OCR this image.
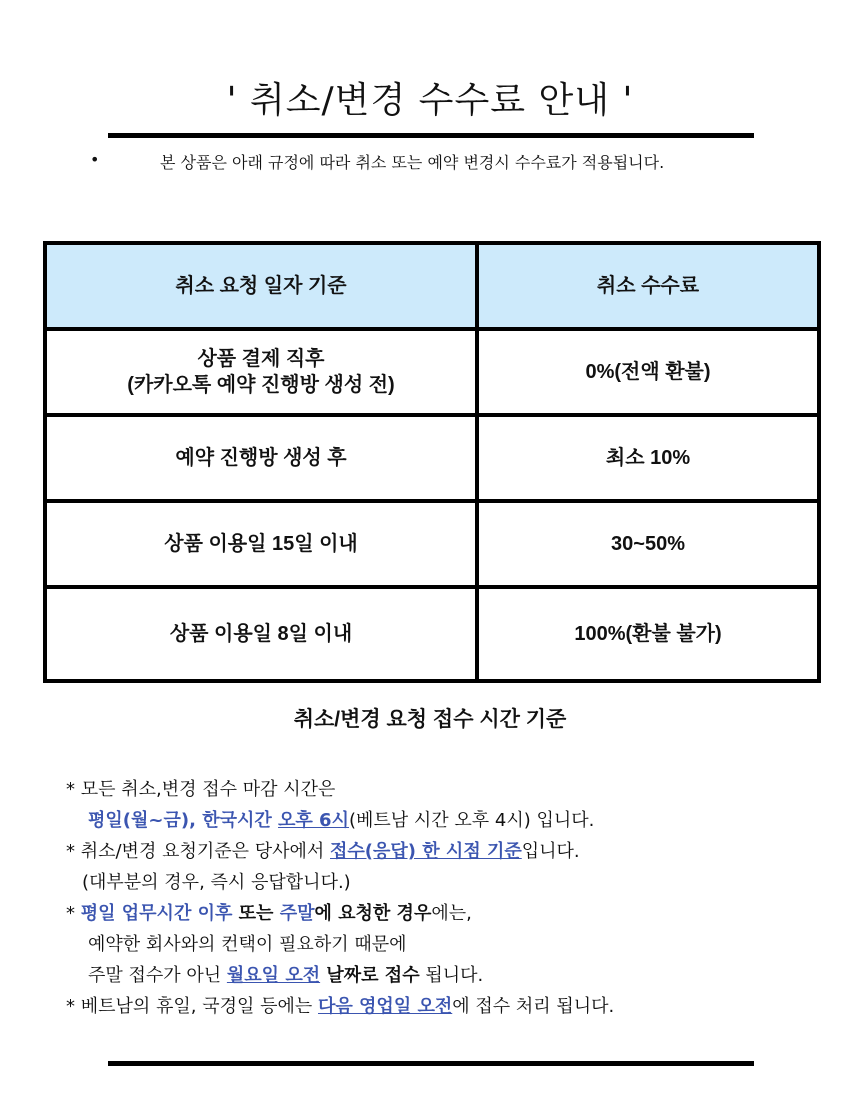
' 취소/변경 수수료 안내 '
•	본 상품은 아래 규정에 따라 취소 또는 예약 변경시 수수료가 적용됩니다.
취소 요청 일자 기준	취소 수수료

상품 결제 직후
(카카오톡 예약 진행방 생성 전)	0%(전액 환불)
예약 진행방 생성 후	최소 10%
상품 이용일 15일 이내	30~50%
상품 이용일 8일 이내	100%(환불 불가)
취소/변경 요청 접수 시간 기준
* 모든 취소,변경 접수 마감 시간은
평일(월~금), 한국시간 오후 6시(베트남 시간 오후 4시) 입니다.
* 취소/변경 요청기준은 당사에서 접수(응답) 한 시점 기준입니다.
(대부분의 경우, 즉시 응답합니다.)
* 평일 업무시간 이후 또는 주말에 요청한 경우에는,
예약한 회사와의 컨택이 필요하기 때문에
주말 접수가 아닌 월요일 오전 날짜로 접수 됩니다.
* 베트남의 휴일, 국경일 등에는 다음 영업일 오전에 접수 처리 됩니다.
